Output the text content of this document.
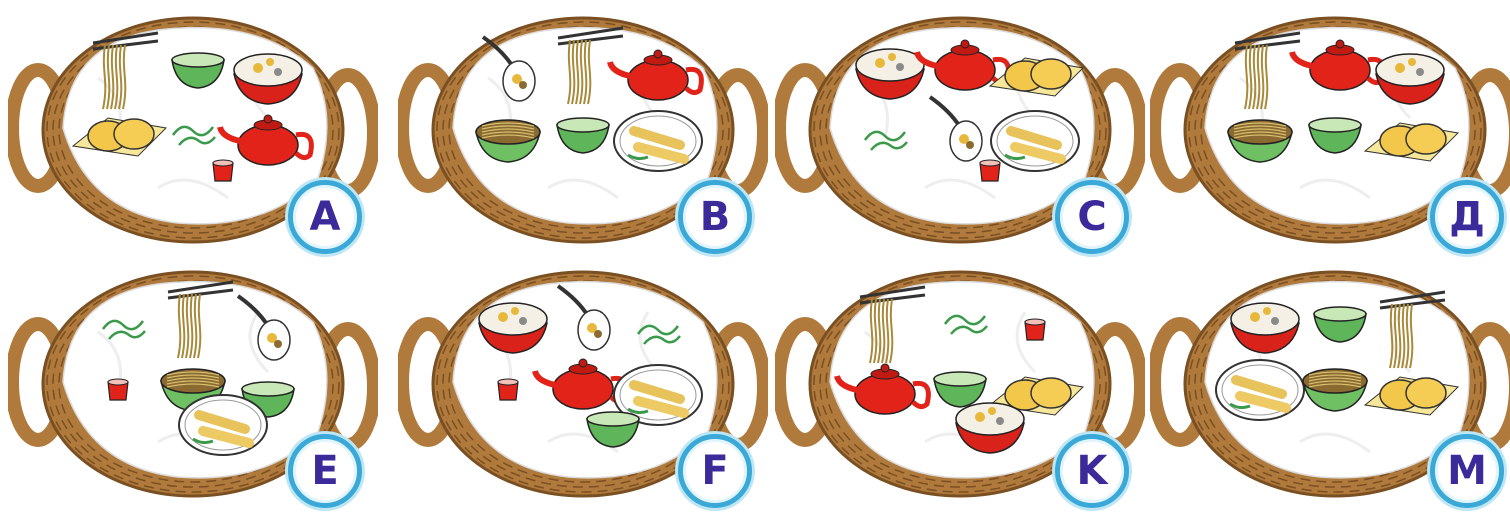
A	B	C	Д
E	F	K	M
